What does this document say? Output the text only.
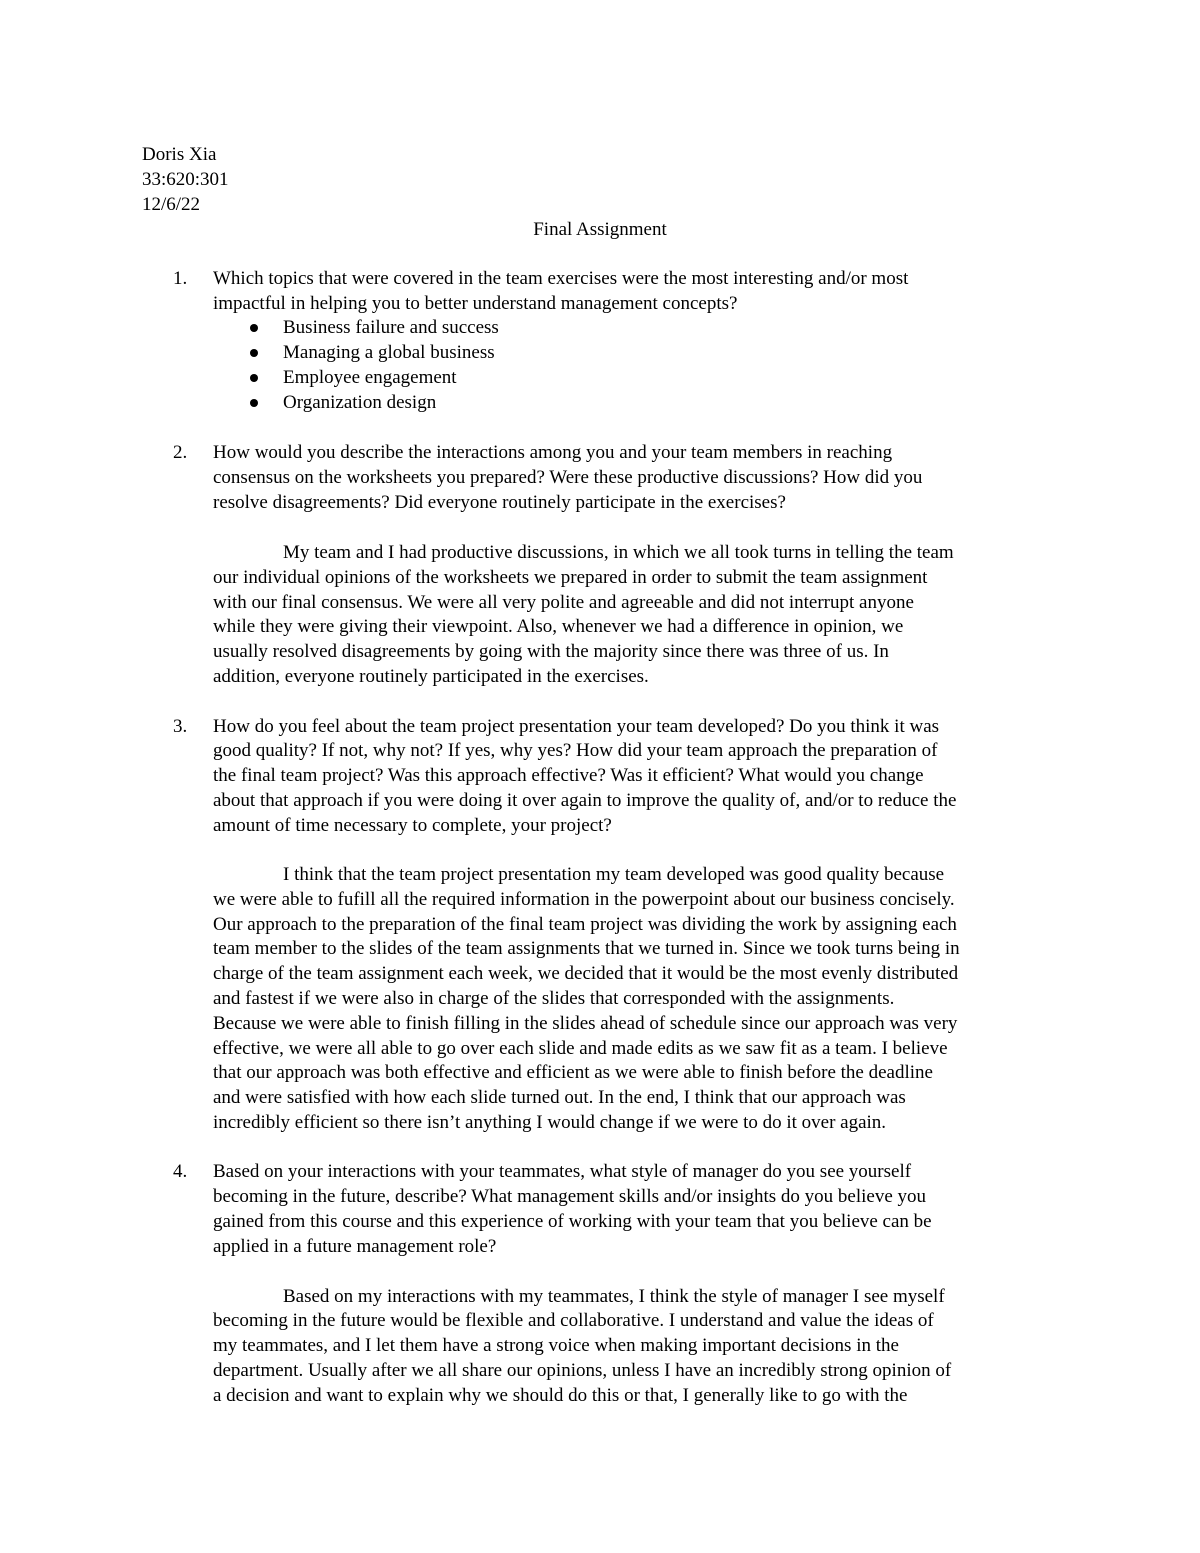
Doris Xia
33:620:301
12/6/22
Final Assignment
1. Which topics that were covered in the team exercises were the most interesting and/or most
impactful in helping you to better understand management concepts?
Business failure and success
Managing a global business
Employee engagement
Organization design
2. How would you describe the interactions among you and your team members in reaching
consensus on the worksheets you prepared? Were these productive discussions? How did you
resolve disagreements? Did everyone routinely participate in the exercises?
My team and I had productive discussions, in which we all took turns in telling the team
our individual opinions of the worksheets we prepared in order to submit the team assignment
with our final consensus. We were all very polite and agreeable and did not interrupt anyone
while they were giving their viewpoint. Also, whenever we had a difference in opinion, we
usually resolved disagreements by going with the majority since there was three of us. In
addition, everyone routinely participated in the exercises.
3. How do you feel about the team project presentation your team developed? Do you think it was
good quality? If not, why not? If yes, why yes? How did your team approach the preparation of
the final team project? Was this approach effective? Was it efficient? What would you change
about that approach if you were doing it over again to improve the quality of, and/or to reduce the
amount of time necessary to complete, your project?
I think that the team project presentation my team developed was good quality because
we were able to fufill all the required information in the powerpoint about our business concisely.
Our approach to the preparation of the final team project was dividing the work by assigning each
team member to the slides of the team assignments that we turned in. Since we took turns being in
charge of the team assignment each week, we decided that it would be the most evenly distributed
and fastest if we were also in charge of the slides that corresponded with the assignments.
Because we were able to finish filling in the slides ahead of schedule since our approach was very
effective, we were all able to go over each slide and made edits as we saw fit as a team. I believe
that our approach was both effective and efficient as we were able to finish before the deadline
and were satisfied with how each slide turned out. In the end, I think that our approach was
incredibly efficient so there isn’t anything I would change if we were to do it over again.
4. Based on your interactions with your teammates, what style of manager do you see yourself
becoming in the future, describe? What management skills and/or insights do you believe you
gained from this course and this experience of working with your team that you believe can be
applied in a future management role?
Based on my interactions with my teammates, I think the style of manager I see myself
becoming in the future would be flexible and collaborative. I understand and value the ideas of
my teammates, and I let them have a strong voice when making important decisions in the
department. Usually after we all share our opinions, unless I have an incredibly strong opinion of
a decision and want to explain why we should do this or that, I generally like to go with the
